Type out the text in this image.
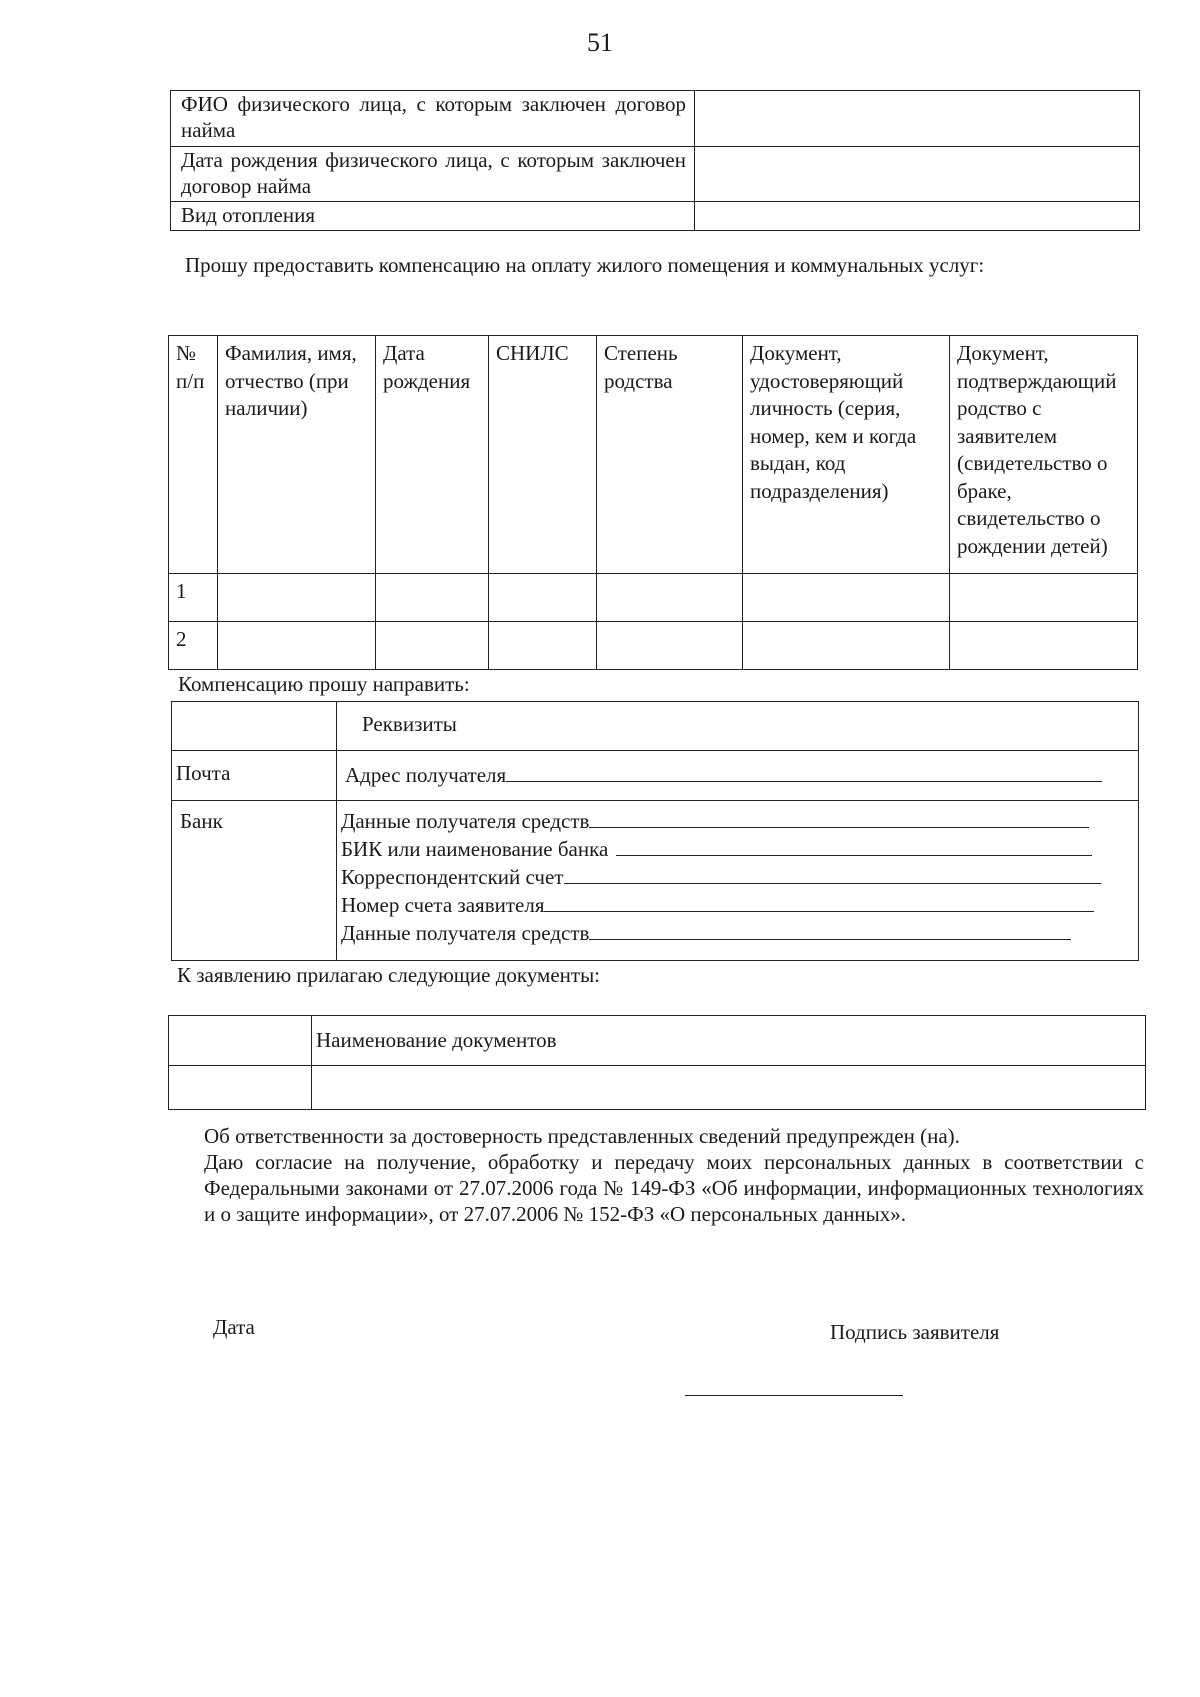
51
ФИО физического лица, с которым заключен договор найма	
Дата рождения физического лица, с которым заключен договор найма	
Вид отопления	
Прошу предоставить компенсацию на оплату жилого помещения и коммунальных услуг:
№ п/п	Фамилия, имя, отчество (при наличии)	Дата рождения	СНИЛС	Степень родства	Документ, удостоверяющий личность (серия, номер, кем и когда выдан, код подразделения)	Документ, подтверждающий родство с заявителем (свидетельство о браке, свидетельство о рождении детей)
1						
2						
Компенсацию прошу направить:
	Реквизиты
Почта	Адрес получателя
Банк	Данные получателя средств
БИК или наименование банка
Корреспондентский счет
Номер счета заявителя
Данные получателя средств
К заявлению прилагаю следующие документы:
	Наименование документов

Об ответственности за достоверность представленных сведений предупрежден (на).

Даю согласие на получение, обработку и передачу моих персональных данных в соответствии с Федеральными законами от 27.07.2006 года № 149-ФЗ «Об информации, информационных технологиях и о защите информации», от 27.07.2006 № 152-ФЗ «О персональных данных».

Дата	Подпись заявителя
